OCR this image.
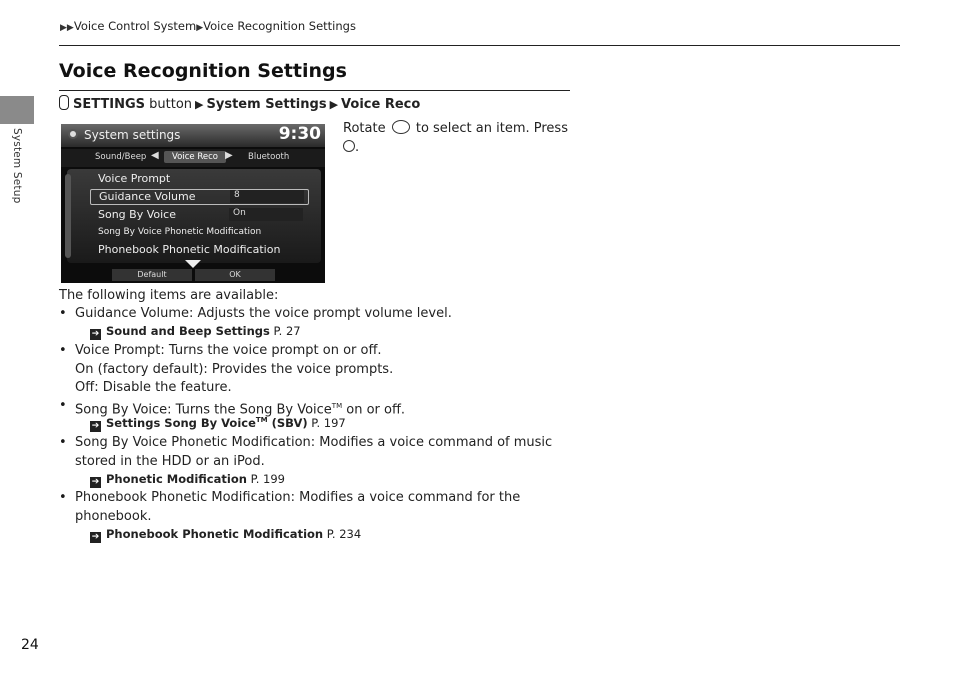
▶▶Voice Control System▶Voice Recognition Settings
System Setup
Voice Recognition Settings
SETTINGS button ▶ System Settings ▶ Voice Reco
System settings	9:30
Sound/Beep ◀	Voice Reco ▶ Bluetooth
Voice Prompt
Guidance Volume	8
Song By Voice	On
Song By Voice Phonetic Modification
Phonebook Phonetic Modification
Default	OK
Rotate to select an item. Press
.
The following items are available:
• Guidance Volume: Adjusts the voice prompt volume level.
➔ Sound and Beep Settings P. 27
• Voice Prompt: Turns the voice prompt on or off.
On (factory default): Provides the voice prompts.
Off: Disable the feature.
• Song By Voice: Turns the Song By Voice™ on or off.
➔ Settings Song By Voice™ (SBV) P. 197
• Song By Voice Phonetic Modification: Modifies a voice command of music
stored in the HDD or an iPod.
➔ Phonetic Modification P. 199
• Phonebook Phonetic Modification: Modifies a voice command for the
phonebook.
➔ Phonebook Phonetic Modification P. 234
24
